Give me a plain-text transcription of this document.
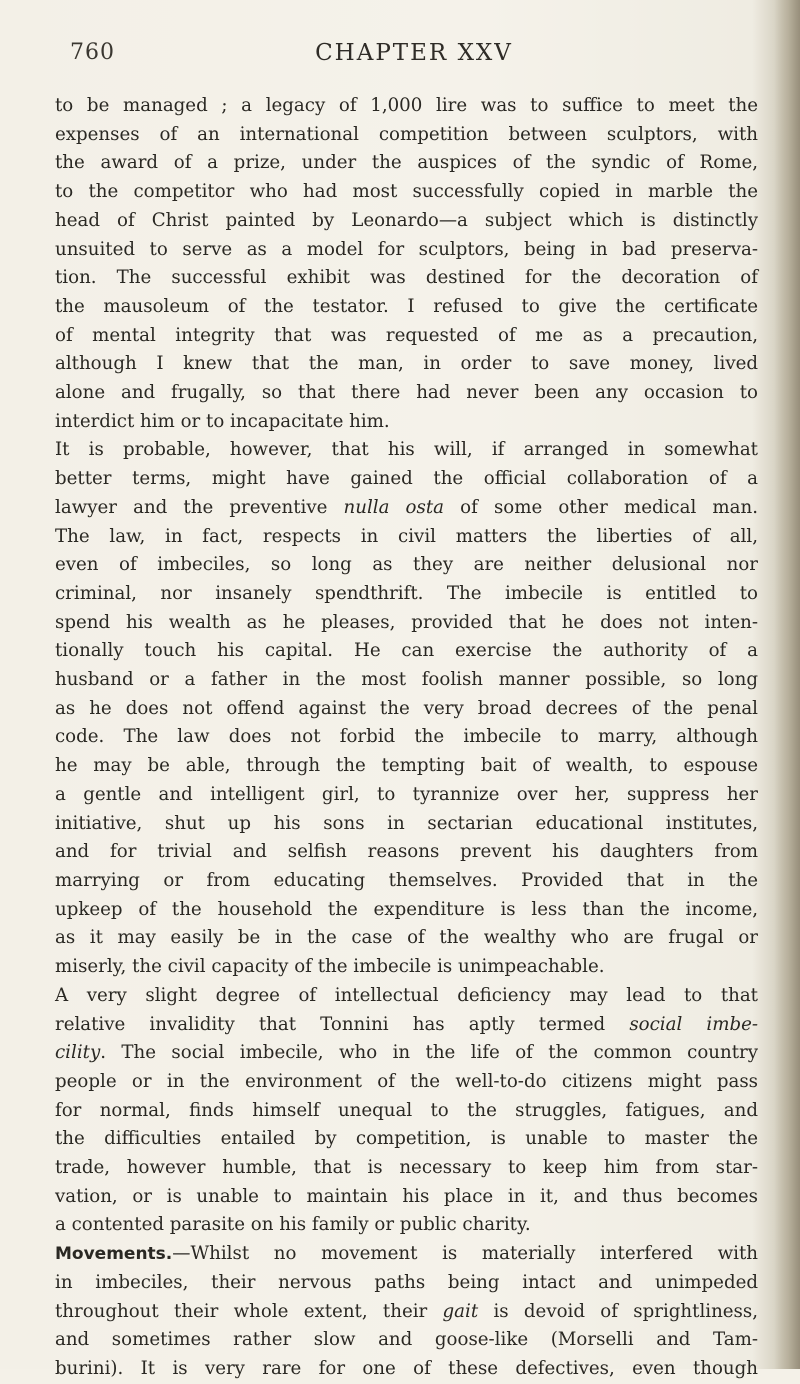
760	CHAPTER XXV
to be managed ; a legacy of 1,000 lire was to suffice to meet the
expenses of an international competition between sculptors, with
the award of a prize, under the auspices of the syndic of Rome,
to the competitor who had most successfully copied in marble the
head of Christ painted by Leonardo—a subject which is distinctly
unsuited to serve as a model for sculptors, being in bad preserva-
tion. The successful exhibit was destined for the decoration of
the mausoleum of the testator. I refused to give the certificate
of mental integrity that was requested of me as a precaution,
although I knew that the man, in order to save money, lived
alone and frugally, so that there had never been any occasion to
interdict him or to incapacitate him.
It is probable, however, that his will, if arranged in somewhat
better terms, might have gained the official collaboration of a
lawyer and the preventive nulla osta of some other medical man.
The law, in fact, respects in civil matters the liberties of all,
even of imbeciles, so long as they are neither delusional nor
criminal, nor insanely spendthrift. The imbecile is entitled to
spend his wealth as he pleases, provided that he does not inten-
tionally touch his capital. He can exercise the authority of a
husband or a father in the most foolish manner possible, so long
as he does not offend against the very broad decrees of the penal
code. The law does not forbid the imbecile to marry, although
he may be able, through the tempting bait of wealth, to espouse
a gentle and intelligent girl, to tyrannize over her, suppress her
initiative, shut up his sons in sectarian educational institutes,
and for trivial and selfish reasons prevent his daughters from
marrying or from educating themselves. Provided that in the
upkeep of the household the expenditure is less than the income,
as it may easily be in the case of the wealthy who are frugal or
miserly, the civil capacity of the imbecile is unimpeachable.
A very slight degree of intellectual deficiency may lead to that
relative invalidity that Tonnini has aptly termed social imbe-
cility. The social imbecile, who in the life of the common country
people or in the environment of the well-to-do citizens might pass
for normal, finds himself unequal to the struggles, fatigues, and
the difficulties entailed by competition, is unable to master the
trade, however humble, that is necessary to keep him from star-
vation, or is unable to maintain his place in it, and thus becomes
a contented parasite on his family or public charity.
Movements.—Whilst no movement is materially interfered with
in imbeciles, their nervous paths being intact and unimpeded
throughout their whole extent, their gait is devoid of sprightliness,
and sometimes rather slow and goose-like (Morselli and Tam-
burini). It is very rare for one of these defectives, even though
